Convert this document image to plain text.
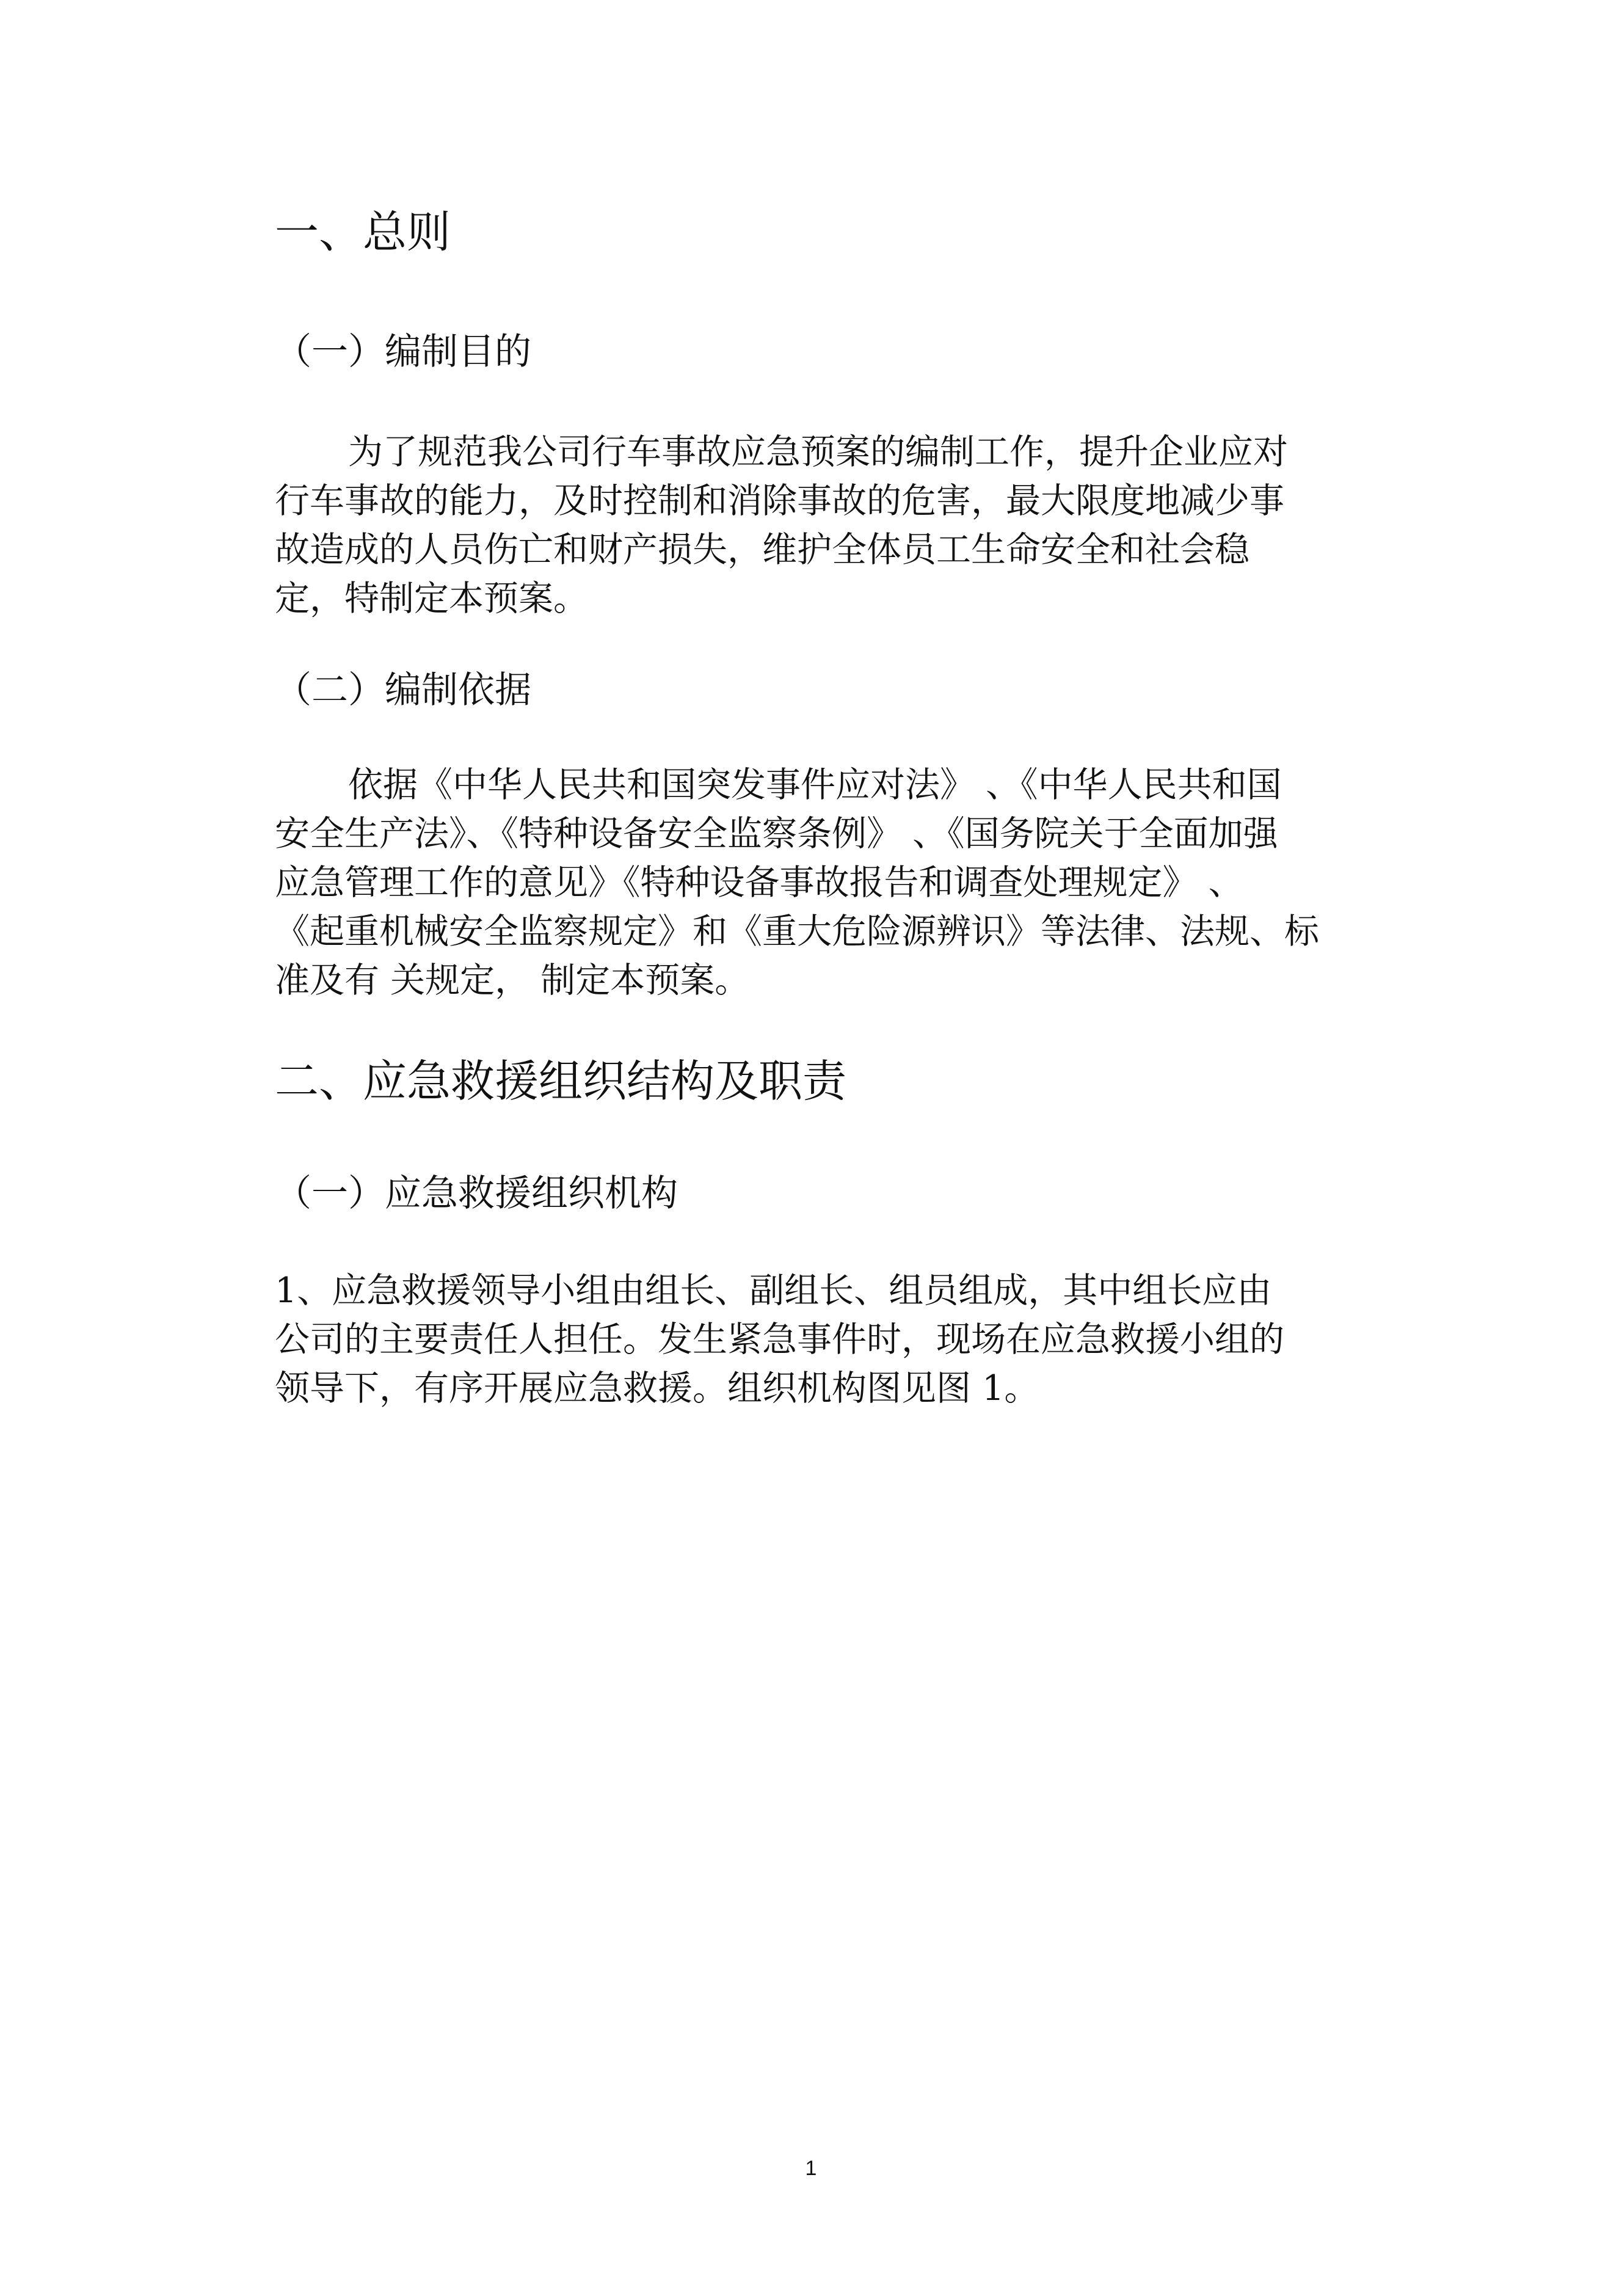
一、总则
（一）编制目的
为了规范我公司行车事故应急预案的编制工作，提升企业应对
行车事故的能力，及时控制和消除事故的危害，最大限度地减少事
故造成的人员伤亡和财产损失，维护全体员工生命安全和社会稳
定，特制定本预案。
（二）编制依据
依据《中华人民共和国突发事件应对法》 、《中华人民共和国
安全生产法》、《特种设备安全监察条例》 、《国务院关于全面加强
应急管理工作的意见》《特种设备事故报告和调查处理规定》 、
《起重机械安全监察规定》和《重大危险源辨识》等法律、法规、标
准及有 关规定， 制定本预案。
二、应急救援组织结构及职责
（一）应急救援组织机构
1、应急救援领导小组由组长、副组长、组员组成，其中组长应由
公司的主要责任人担任。发生紧急事件时，现场在应急救援小组的
领导下，有序开展应急救援。组织机构图见图 1。
1
